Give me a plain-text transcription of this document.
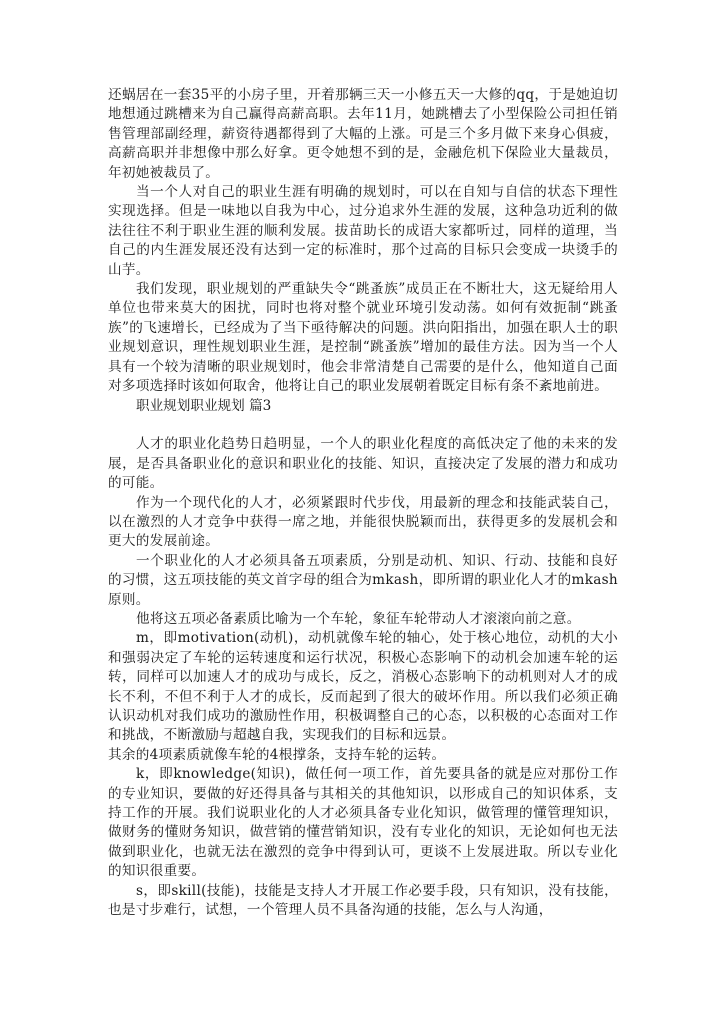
还蜗居在一套35平的小房子里，开着那辆三天一小修五天一大修的qq，于是她迫切地想通过跳槽来为自己赢得高薪高职。去年11月，她跳槽去了小型保险公司担任销售管理部副经理，薪资待遇都得到了大幅的上涨。可是三个多月做下来身心俱疲，高薪高职并非想像中那么好拿。更令她想不到的是，金融危机下保险业大量裁员，年初她被裁员了。

当一个人对自己的职业生涯有明确的规划时，可以在自知与自信的状态下理性实现选择。但是一味地以自我为中心，过分追求外生涯的发展，这种急功近利的做法往往不利于职业生涯的顺利发展。拔苗助长的成语大家都听过，同样的道理，当自己的内生涯发展还没有达到一定的标准时，那个过高的目标只会变成一块烫手的山芋。

我们发现，职业规划的严重缺失令“跳蚤族”成员正在不断壮大，这无疑给用人单位也带来莫大的困扰，同时也将对整个就业环境引发动荡。如何有效扼制“跳蚤族”的飞速增长，已经成为了当下亟待解决的问题。洪向阳指出，加强在职人士的职业规划意识，理性规划职业生涯，是控制“跳蚤族”增加的最佳方法。因为当一个人具有一个较为清晰的职业规划时，他会非常清楚自己需要的是什么，他知道自己面对多项选择时该如何取舍，他将让自己的职业发展朝着既定目标有条不紊地前进。

职业规划职业规划 篇3

人才的职业化趋势日趋明显，一个人的职业化程度的高低决定了他的未来的发展，是否具备职业化的意识和职业化的技能、知识，直接决定了发展的潜力和成功的可能。

作为一个现代化的人才，必须紧跟时代步伐，用最新的理念和技能武装自己，以在激烈的人才竞争中获得一席之地，并能很快脱颖而出，获得更多的发展机会和更大的发展前途。

一个职业化的人才必须具备五项素质，分别是动机、知识、行动、技能和良好的习惯，这五项技能的英文首字母的组合为mkash，即所谓的职业化人才的mkash原则。

他将这五项必备素质比喻为一个车轮，象征车轮带动人才滚滚向前之意。

m，即motivation(动机)，动机就像车轮的轴心，处于核心地位，动机的大小和强弱决定了车轮的运转速度和运行状况，积极心态影响下的动机会加速车轮的运转，同样可以加速人才的成功与成长，反之，消极心态影响下的动机则对人才的成长不利，不但不利于人才的成长，反而起到了很大的破坏作用。所以我们必须正确认识动机对我们成功的激励性作用，积极调整自己的心态，以积极的心态面对工作和挑战，不断激励与超越自我，实现我们的目标和远景。

其余的4项素质就像车轮的4根撑条，支持车轮的运转。

k，即knowledge(知识)，做任何一项工作，首先要具备的就是应对那份工作的专业知识，要做的好还得具备与其相关的其他知识，以形成自己的知识体系，支持工作的开展。我们说职业化的人才必须具备专业化知识，做管理的懂管理知识，做财务的懂财务知识，做营销的懂营销知识，没有专业化的知识，无论如何也无法做到职业化，也就无法在激烈的竞争中得到认可，更谈不上发展进取。所以专业化的知识很重要。

s，即skill(技能)，技能是支持人才开展工作必要手段，只有知识，没有技能，也是寸步难行，试想，一个管理人员不具备沟通的技能，怎么与人沟通，
